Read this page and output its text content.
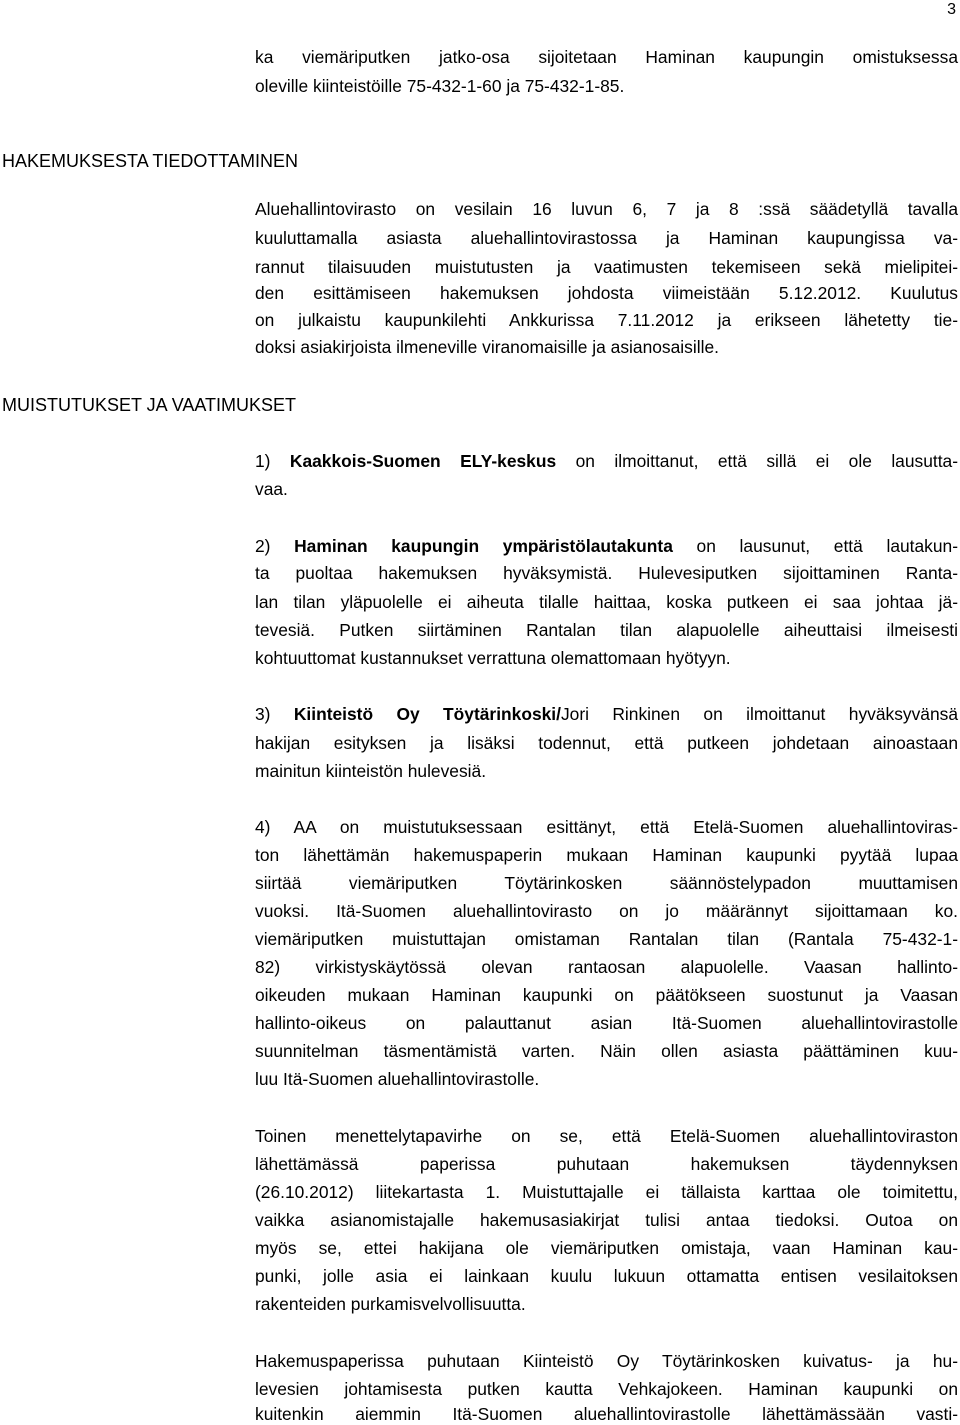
3
ka viemäriputken jatko-osa sijoitetaan Haminan kaupungin omistuksessa
oleville kiinteistöille 75-432-1-60 ja 75-432-1-85.
HAKEMUKSESTA TIEDOTTAMINEN
Aluehallintovirasto on vesilain 16 luvun 6, 7 ja 8 :ssä säädetyllä tavalla
kuuluttamalla asiasta aluehallintovirastossa ja Haminan kaupungissa va-
rannut tilaisuuden muistutusten ja vaatimusten tekemiseen sekä mielipitei-
den esittämiseen hakemuksen johdosta viimeistään 5.12.2012. Kuulutus
on julkaistu kaupunkilehti Ankkurissa 7.11.2012 ja erikseen lähetetty tie-
doksi asiakirjoista ilmeneville viranomaisille ja asianosaisille.
MUISTUTUKSET JA VAATIMUKSET
1) Kaakkois-Suomen ELY-keskus on ilmoittanut, että sillä ei ole lausutta-
vaa.
2) Haminan kaupungin ympäristölautakunta on lausunut, että lautakun-
ta puoltaa hakemuksen hyväksymistä. Hulevesiputken sijoittaminen Ranta-
lan tilan yläpuolelle ei aiheuta tilalle haittaa, koska putkeen ei saa johtaa jä-
tevesiä. Putken siirtäminen Rantalan tilan alapuolelle aiheuttaisi ilmeisesti
kohtuuttomat kustannukset verrattuna olemattomaan hyötyyn.
3) Kiinteistö Oy Töytärinkoski/Jori Rinkinen on ilmoittanut hyväksyvänsä
hakijan esityksen ja lisäksi todennut, että putkeen johdetaan ainoastaan
mainitun kiinteistön hulevesiä.
4) AA on muistutuksessaan esittänyt, että Etelä-Suomen aluehallintoviras-
ton lähettämän hakemuspaperin mukaan Haminan kaupunki pyytää lupaa
siirtää viemäriputken Töytärinkosken säännöstelypadon muuttamisen
vuoksi. Itä-Suomen aluehallintovirasto on jo määrännyt sijoittamaan ko.
viemäriputken muistuttajan omistaman Rantalan tilan (Rantala 75-432-1-
82) virkistyskäytössä olevan rantaosan alapuolelle. Vaasan hallinto-
oikeuden mukaan Haminan kaupunki on päätökseen suostunut ja Vaasan
hallinto-oikeus on palauttanut asian Itä-Suomen aluehallintovirastolle
suunnitelman täsmentämistä varten. Näin ollen asiasta päättäminen kuu-
luu Itä-Suomen aluehallintovirastolle.
Toinen menettelytapavirhe on se, että Etelä-Suomen aluehallintoviraston
lähettämässä paperissa puhutaan hakemuksen täydennyksen
(26.10.2012) liitekartasta 1. Muistuttajalle ei tällaista karttaa ole toimitettu,
vaikka asianomistajalle hakemusasiakirjat tulisi antaa tiedoksi. Outoa on
myös se, ettei hakijana ole viemäriputken omistaja, vaan Haminan kau-
punki, jolle asia ei lainkaan kuulu lukuun ottamatta entisen vesilaitoksen
rakenteiden purkamisvelvollisuutta.
Hakemuspaperissa puhutaan Kiinteistö Oy Töytärinkosken kuivatus- ja hu-
levesien johtamisesta putken kautta Vehkajokeen. Haminan kaupunki on
kuitenkin aiemmin Itä-Suomen aluehallintovirastolle lähettämässään vasti-
